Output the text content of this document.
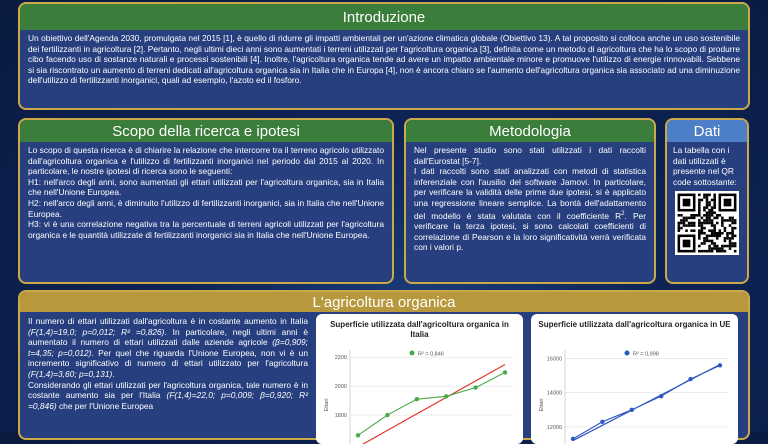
Introduzione
Un obiettivo dell'Agenda 2030, promulgata nel 2015 [1], è quello di ridurre gli impatti ambientali per un'azione climatica globale (Obiettivo 13). A tal proposito si colloca anche un uso sostenibile dei fertilizzanti in agricoltura [2]. Pertanto, negli ultimi dieci anni sono aumentati i terreni utilizzati per l'agricoltura organica [3], definita come un metodo di agricoltura che ha lo scopo di produrre cibo facendo uso di sostanze naturali e processi sostenibili [4]. Inoltre, l'agricoltura organica tende ad avere un impatto ambientale minore e promuove l'utilizzo di energie rinnovabili. Sebbene si sia riscontrato un aumento di terreni dedicati all'agricoltura organica sia in Italia che in Europa [4], non è ancora chiaro se l'aumento dell'agricoltura organica sia associato ad una diminuzione dell'utilizzo di fertilizzanti inorganici, quali ad esempio, l'azoto ed il fosforo.
Scopo della ricerca e ipotesi

Lo scopo di questa ricerca è di chiarire la relazione che intercorre tra il terreno agricolo utilizzato dall'agricoltura organica e l'utilizzo di fertilizzanti inorganici nel periodo dal 2015 al 2020. In particolare, le nostre ipotesi di ricerca sono le seguenti:

H1: nell'arco degli anni, sono aumentati gli ettari utilizzati per l'agricoltura organica, sia in Italia che nell'Unione Europea.

H2: nell'arco degli anni, è diminuito l'utilizzo di fertilizzanti inorganici, sia in Italia che nell'Unione Europea.

H3: vi è una correlazione negativa tra la percentuale di terreni agricoli utilizzati per l'agricoltura organica e le quantità utilizzate di fertilizzanti inorganici sia in Italia che nell'Unione Europea.

Metodologia

Nel presente studio sono stati utilizzati i dati raccolti dall'Eurostat [5-7].

I dati raccolti sono stati analizzati con metodi di statistica inferenziale con l'ausilio del software Jamovi. In particolare, per verificare la validità delle prime due ipotesi, si è applicato una regressione lineare semplice. La bontà dell'adattamento del modello è stata valutata con il coefficiente $R^2$. Per verificare la terza ipotesi, si sono calcolati coefficienti di correlazione di Pearson e la loro significatività verrà verificata con i valori p.

Dati
La tabella con i dati utilizzati è presente nel QR code sottostante:
L'agricoltura organica

Il numero di ettari utilizzati dall'agricoltura è in costante aumento in Italia (F(1,4)=19,0; p=0,012; R² =0,826). In particolare, negli ultimi anni è aumentato il numero di ettari utilizzati dalle aziende agricole (β=0,909; t=4,35; p=0,012). Per quel che riguarda l'Unione Europea, non vi è un incremento significativo di numero di ettari utilizzato per l'agricoltura (F(1,4)=3,60; p=0,131).

Considerando gli ettari utilizzati per l'agricoltura organica, tale numero è in costante aumento sia per l'Italia (F(1,4)=22,0; p=0,009; β=0,920; R² =0,846) che per l'Unione Europea

R² = 0,846
2200
2000
1800
Ettari
Superficie utilizzata dall'agricoltura organica in Italia
R² = 0,998
16000
14000
12000
Ettari
Superficie utilizzata dall'agricoltura organica in UE
